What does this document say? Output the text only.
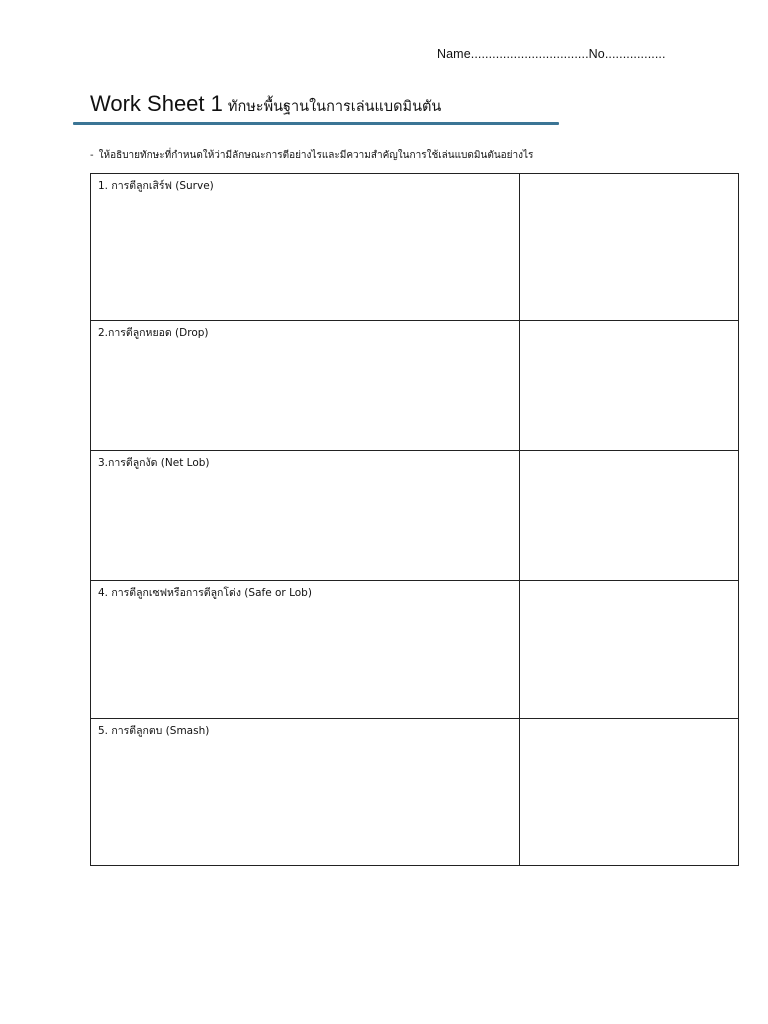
Name.................................No.................
Work Sheet 1 ทักษะพื้นฐานในการเล่นแบดมินตัน
- ให้อธิบายทักษะที่กำหนดให้ว่ามีลักษณะการตีอย่างไรและมีความสำคัญในการใช้เล่นแบดมินตันอย่างไร
1. การตีลูกเสิร์ฟ (Surve)	

2.การตีลูกหยอด (Drop)	

3.การตีลูกงัด (Net Lob)	

4. การตีลูกเซฟหรือการตีลูกโด่ง (Safe or Lob)	

5. การตีลูกตบ (Smash)	
